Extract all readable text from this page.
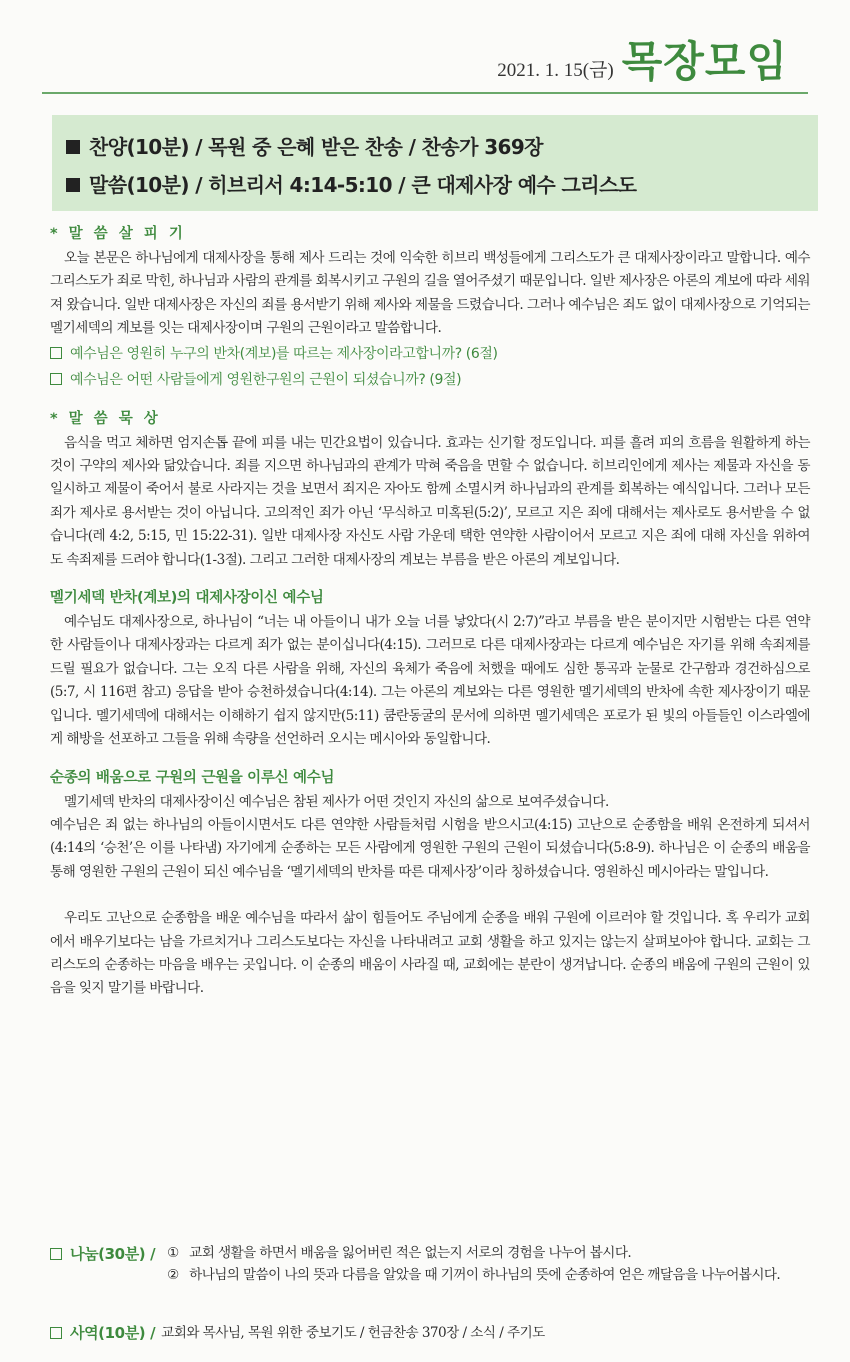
2021. 1. 15(금) 목장모임
찬양(10분) / 목원 중 은혜 받은 찬송 / 찬송가 369장
말씀(10분) / 히브리서 4:14-5:10 / 큰 대제사장 예수 그리스도
* 말 씀 살 피 기

오늘 본문은 하나님에게 대제사장을 통해 제사 드리는 것에 익숙한 히브리 백성들에게 그리스도가 큰 대제사장이라고 말합니다. 예수 그리스도가 죄로 막힌, 하나님과 사람의 관계를 회복시키고 구원의 길을 열어주셨기 때문입니다. 일반 제사장은 아론의 계보에 따라 세워져 왔습니다. 일반 대제사장은 자신의 죄를 용서받기 위해 제사와 제물을 드렸습니다. 그러나 예수님은 죄도 없이 대제사장으로 기억되는 멜기세덱의 계보를 잇는 대제사장이며 구원의 근원이라고 말씀합니다.

예수님은 영원히 누구의 반차(계보)를 따르는 제사장이라고합니까? (6절)
예수님은 어떤 사람들에게 영원한구원의 근원이 되셨습니까? (9절)
* 말 씀 묵 상

음식을 먹고 체하면 엄지손톱 끝에 피를 내는 민간요법이 있습니다. 효과는 신기할 정도입니다. 피를 흘려 피의 흐름을 원활하게 하는 것이 구약의 제사와 닮았습니다. 죄를 지으면 하나님과의 관계가 막혀 죽음을 면할 수 없습니다. 히브리인에게 제사는 제물과 자신을 동일시하고 제물이 죽어서 불로 사라지는 것을 보면서 죄지은 자아도 함께 소멸시켜 하나님과의 관계를 회복하는 예식입니다. 그러나 모든 죄가 제사로 용서받는 것이 아닙니다. 고의적인 죄가 아닌 ‘무식하고 미혹된(5:2)’, 모르고 지은 죄에 대해서는 제사로도 용서받을 수 없습니다(레 4:2, 5:15, 민 15:22-31). 일반 대제사장 자신도 사람 가운데 택한 연약한 사람이어서 모르고 지은 죄에 대해 자신을 위하여도 속죄제를 드려야 합니다(1-3절). 그리고 그러한 대제사장의 계보는 부름을 받은 아론의 계보입니다.

멜기세덱 반차(계보)의 대제사장이신 예수님

예수님도 대제사장으로, 하나님이 “너는 내 아들이니 내가 오늘 너를 낳았다(시 2:7)”라고 부름을 받은 분이지만 시험받는 다른 연약한 사람들이나 대제사장과는 다르게 죄가 없는 분이십니다(4:15). 그러므로 다른 대제사장과는 다르게 예수님은 자기를 위해 속죄제를 드릴 필요가 없습니다. 그는 오직 다른 사람을 위해, 자신의 육체가 죽음에 처했을 때에도 심한 통곡과 눈물로 간구함과 경건하심으로(5:7, 시 116편 참고) 응답을 받아 승천하셨습니다(4:14). 그는 아론의 계보와는 다른 영원한 멜기세덱의 반차에 속한 제사장이기 때문입니다. 멜기세덱에 대해서는 이해하기 쉽지 않지만(5:11) 쿰란동굴의 문서에 의하면 멜기세덱은 포로가 된 빛의 아들들인 이스라엘에게 해방을 선포하고 그들을 위해 속량을 선언하러 오시는 메시아와 동일합니다.

순종의 배움으로 구원의 근원을 이루신 예수님

멜기세덱 반차의 대제사장이신 예수님은 참된 제사가 어떤 것인지 자신의 삶으로 보여주셨습니다.

예수님은 죄 없는 하나님의 아들이시면서도 다른 연약한 사람들처럼 시험을 받으시고(4:15) 고난으로 순종함을 배워 온전하게 되셔서(4:14의 ‘승천’은 이를 나타냄) 자기에게 순종하는 모든 사람에게 영원한 구원의 근원이 되셨습니다(5:8-9). 하나님은 이 순종의 배움을 통해 영원한 구원의 근원이 되신 예수님을 ‘멜기세덱의 반차를 따른 대제사장’이라 칭하셨습니다. 영원하신 메시아라는 말입니다.

우리도 고난으로 순종함을 배운 예수님을 따라서 삶이 힘들어도 주님에게 순종을 배워 구원에 이르러야 할 것입니다. 혹 우리가 교회에서 배우기보다는 남을 가르치거나 그리스도보다는 자신을 나타내려고 교회 생활을 하고 있지는 않는지 살펴보아야 합니다. 교회는 그리스도의 순종하는 마음을 배우는 곳입니다. 이 순종의 배움이 사라질 때, 교회에는 분란이 생겨납니다. 순종의 배움에 구원의 근원이 있음을 잊지 말기를 바랍니다.

나눔(30분) / ① 교회 생활을 하면서 배움을 잃어버린 적은 없는지 서로의 경험을 나누어 봅시다.
② 하나님의 말씀이 나의 뜻과 다름을 알았을 때 기꺼이 하나님의 뜻에 순종하여 얻은 깨달음을 나누어봅시다.
사역(10분) / 교회와 목사님, 목원 위한 중보기도 / 헌금찬송 370장 / 소식 / 주기도
